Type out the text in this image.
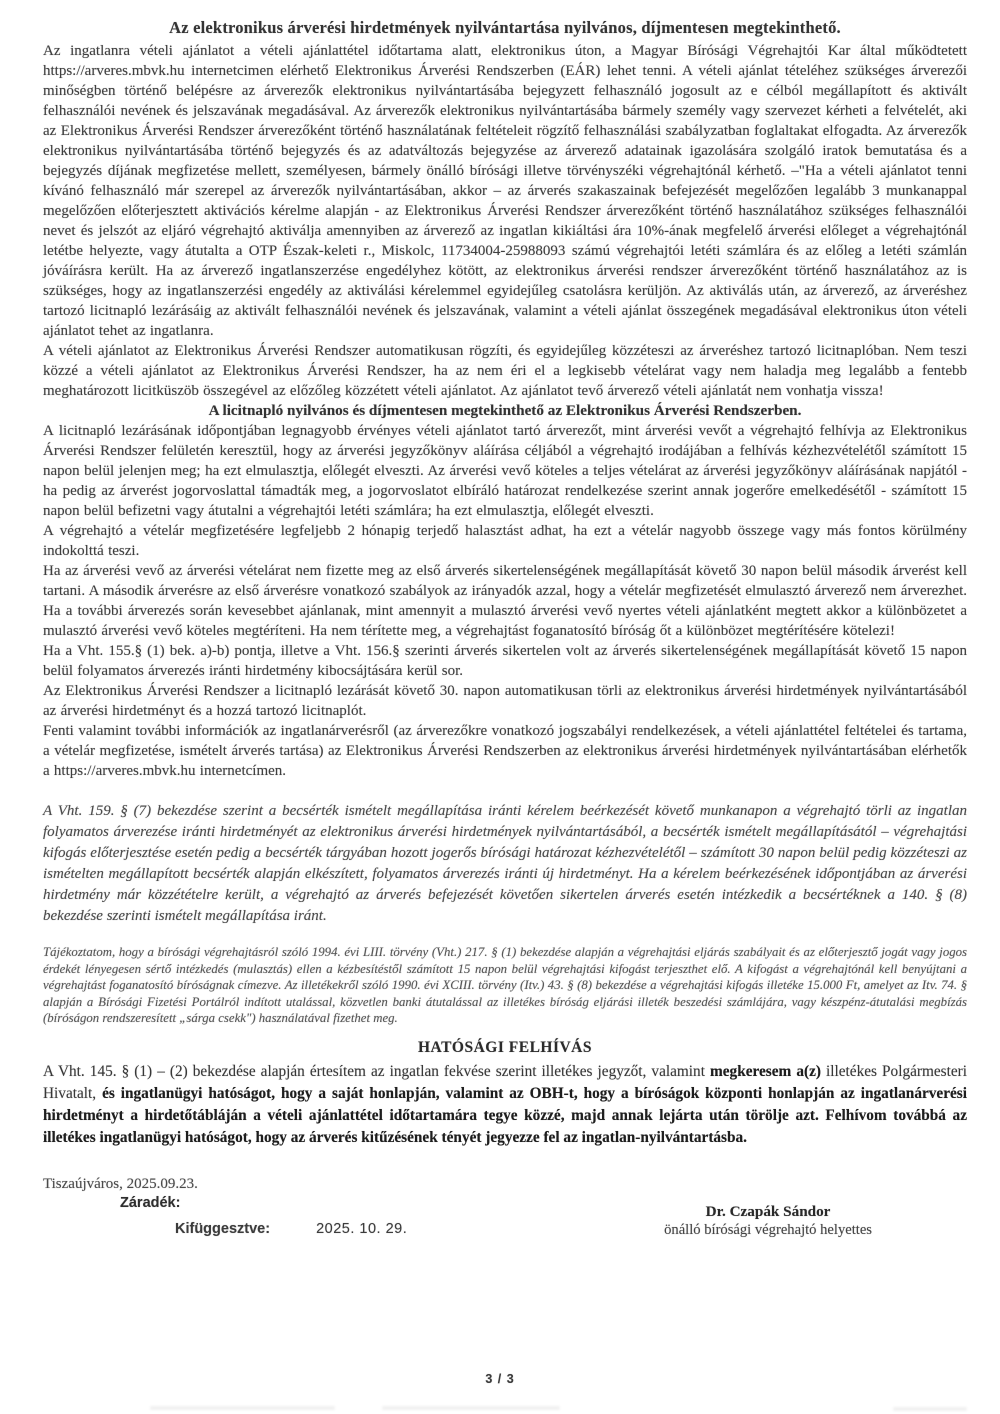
Az elektronikus árverési hirdetmények nyilvántartása nyilvános, díjmentesen megtekinthető.

Az ingatlanra vételi ajánlatot a vételi ajánlattétel időtartama alatt, elektronikus úton, a Magyar Bírósági Végrehajtói Kar által működtetett https://arveres.mbvk.hu internetcimen elérhető Elektronikus Árverési Rendszerben (EÁR) lehet tenni. A vételi ajánlat tételéhez szükséges árverezői minőségben történő belépésre az árverezők elektronikus nyilvántartásába bejegyzett felhasználó jogosult az e célból megállapított és aktivált felhasználói nevének és jelszavának megadásával. Az árverezők elektronikus nyilvántartásába bármely személy vagy szervezet kérheti a felvételét, aki az Elektronikus Árverési Rendszer árverezőként történő használatának feltételeit rögzítő felhasználási szabályzatban foglaltakat elfogadta. Az árverezők elektronikus nyilvántartásába történő bejegyzés és az adatváltozás bejegyzése az árverező adatainak igazolására szolgáló iratok bemutatása és a bejegyzés díjának megfizetése mellett, személyesen, bármely önálló bírósági illetve törvényszéki végrehajtónál kérhető. –"Ha a vételi ajánlatot tenni kívánó felhasználó már szerepel az árverezők nyilvántartásában, akkor – az árverés szakaszainak befejezését megelőzően legalább 3 munkanappal megelőzően előterjesztett aktivációs kérelme alapján - az Elektronikus Árverési Rendszer árverezőként történő használatához szükséges felhasználói nevet és jelszót az eljáró végrehajtó aktiválja amennyiben az árverező az ingatlan kikiáltási ára 10%-ának megfelelő árverési előleget a végrehajtónál letétbe helyezte, vagy átutalta a OTP Észak-keleti r., Miskolc, 11734004-25988093 számú végrehajtói letéti számlára és az előleg a letéti számlán jóváírásra került. Ha az árverező ingatlanszerzése engedélyhez kötött, az elektronikus árverési rendszer árverezőként történő használatához az is szükséges, hogy az ingatlanszerzési engedély az aktiválási kérelemmel egyidejűleg csatolásra kerüljön. Az aktiválás után, az árverező, az árveréshez tartozó licitnapló lezárásáig az aktivált felhasználói nevének és jelszavának, valamint a vételi ajánlat összegének megadásával elektronikus úton vételi ajánlatot tehet az ingatlanra.

A vételi ajánlatot az Elektronikus Árverési Rendszer automatikusan rögzíti, és egyidejűleg közzéteszi az árveréshez tartozó licitnaplóban. Nem teszi közzé a vételi ajánlatot az Elektronikus Árverési Rendszer, ha az nem éri el a legkisebb vételárat vagy nem haladja meg legalább a fentebb meghatározott licitküszöb összegével az előzőleg közzétett vételi ajánlatot. Az ajánlatot tevő árverező vételi ajánlatát nem vonhatja vissza!

A licitnapló nyilvános és díjmentesen megtekinthető az Elektronikus Árverési Rendszerben.

A licitnapló lezárásának időpontjában legnagyobb érvényes vételi ajánlatot tartó árverezőt, mint árverési vevőt a végrehajtó felhívja az Elektronikus Árverési Rendszer felületén keresztül, hogy az árverési jegyzőkönyv aláírása céljából a végrehajtó irodájában a felhívás kézhezvételétől számított 15 napon belül jelenjen meg; ha ezt elmulasztja, előlegét elveszti. Az árverési vevő köteles a teljes vételárat az árverési jegyzőkönyv aláírásának napjától - ha pedig az árverést jogorvoslattal támadták meg, a jogorvoslatot elbíráló határozat rendelkezése szerint annak jogerőre emelkedésétől - számított 15 napon belül befizetni vagy átutalni a végrehajtói letéti számlára; ha ezt elmulasztja, előlegét elveszti.

A végrehajtó a vételár megfizetésére legfeljebb 2 hónapig terjedő halasztást adhat, ha ezt a vételár nagyobb összege vagy más fontos körülmény indokolttá teszi.

Ha az árverési vevő az árverési vételárat nem fizette meg az első árverés sikertelenségének megállapítását követő 30 napon belül második árverést kell tartani. A második árverésre az első árverésre vonatkozó szabályok az irányadók azzal, hogy a vételár megfizetését elmulasztó árverező nem árverezhet. Ha a további árverezés során kevesebbet ajánlanak, mint amennyit a mulasztó árverési vevő nyertes vételi ajánlatként megtett akkor a különbözetet a mulasztó árverési vevő köteles megtéríteni. Ha nem térítette meg, a végrehajtást foganatosító bíróság őt a különbözet megtérítésére kötelezi!

Ha a Vht. 155.§ (1) bek. a)-b) pontja, illetve a Vht. 156.§ szerinti árverés sikertelen volt az árverés sikertelenségének megállapítását követő 15 napon belül folyamatos árverezés iránti hirdetmény kibocsájtására kerül sor.

Az Elektronikus Árverési Rendszer a licitnapló lezárását követő 30. napon automatikusan törli az elektronikus árverési hirdetmények nyilvántartásából az árverési hirdetményt és a hozzá tartozó licitnaplót.

Fenti valamint további információk az ingatlanárverésről (az árverezőkre vonatkozó jogszabályi rendelkezések, a vételi ajánlattétel feltételei és tartama, a vételár megfizetése, ismételt árverés tartása) az Elektronikus Árverési Rendszerben az elektronikus árverési hirdetmények nyilvántartásában elérhetők a https://arveres.mbvk.hu internetcímen.

A Vht. 159. § (7) bekezdése szerint a becsérték ismételt megállapítása iránti kérelem beérkezését követő munkanapon a végrehajtó törli az ingatlan folyamatos árverezése iránti hirdetményét az elektronikus árverési hirdetmények nyilvántartásából, a becsérték ismételt megállapításától – végrehajtási kifogás előterjesztése esetén pedig a becsérték tárgyában hozott jogerős bírósági határozat kézhezvételétől – számított 30 napon belül pedig közzéteszi az ismételten megállapított becsérték alapján elkészített, folyamatos árverezés iránti új hirdetményt. Ha a kérelem beérkezésének időpontjában az árverési hirdetmény már közzétételre került, a végrehajtó az árverés befejezését követően sikertelen árverés esetén intézkedik a becsértéknek a 140. § (8) bekezdése szerinti ismételt megállapítása iránt.

Tájékoztatom, hogy a bírósági végrehajtásról szóló 1994. évi LIII. törvény (Vht.) 217. § (1) bekezdése alapján a végrehajtási eljárás szabályait és az előterjesztő jogát vagy jogos érdekét lényegesen sértő intézkedés (mulasztás) ellen a kézbesítéstől számított 15 napon belül végrehajtási kifogást terjeszthet elő. A kifogást a végrehajtónál kell benyújtani a végrehajtást foganatosító bíróságnak címezve. Az illetékekről szóló 1990. évi XCIII. törvény (Itv.) 43. § (8) bekezdése a végrehajtási kifogás illetéke 15.000 Ft, amelyet az Itv. 74. § alapján a Bírósági Fizetési Portálról indított utalással, közvetlen banki átutalással az illetékes bíróság eljárási illeték beszedési számlájára, vagy készpénz-átutalási megbízás (bíróságon rendszeresített „sárga csekk") használatával fizethet meg.

HATÓSÁGI FELHÍVÁS

A Vht. 145. § (1) – (2) bekezdése alapján értesítem az ingatlan fekvése szerint illetékes jegyzőt, valamint megkeresem a(z) illetékes Polgármesteri Hivatalt, és ingatlanügyi hatóságot, hogy a saját honlapján, valamint az OBH-t, hogy a bíróságok központi honlapján az ingatlanárverési hirdetményt a hirdetőtábláján a vételi ajánlattétel időtartamára tegye közzé, majd annak lejárta után törölje azt. Felhívom továbbá az illetékes ingatlanügyi hatóságot, hogy az árverés kitűzésének tényét jegyezze fel az ingatlan-nyilvántartásba.

Tiszaújváros, 2025.09.23.
Záradék:
Kifüggesztve:	2025. 10. 29.
Dr. Czapák Sándor
önálló bírósági végrehajtó helyettes
3 / 3
